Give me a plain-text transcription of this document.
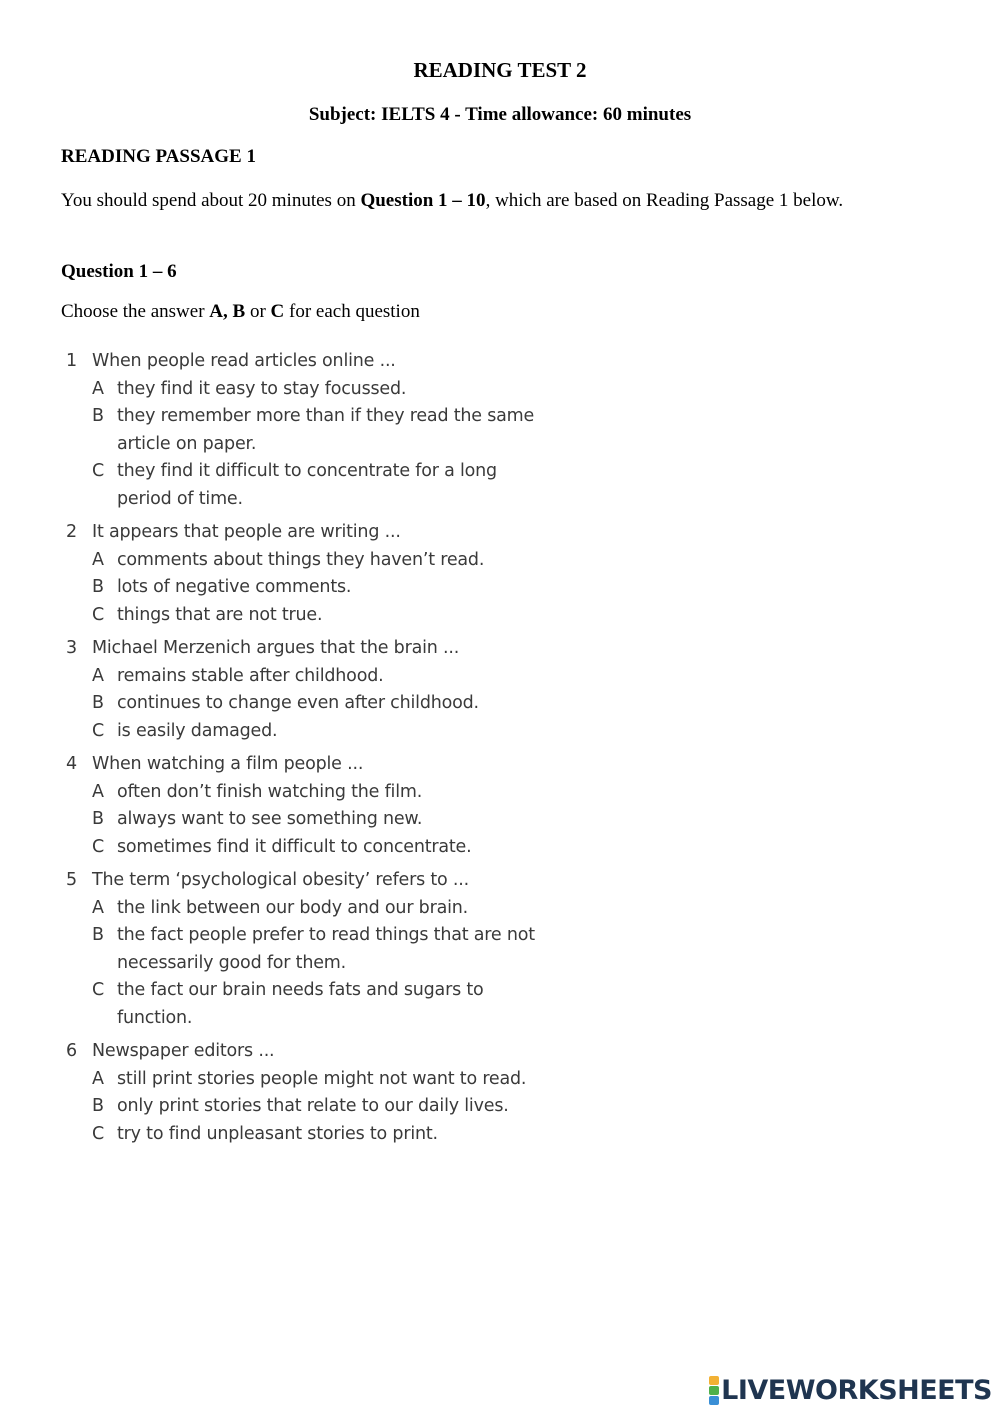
READING TEST 2
Subject: IELTS 4 - Time allowance: 60 minutes
READING PASSAGE 1
You should spend about 20 minutes on Question 1 – 10, which are based on Reading Passage 1 below.
Question 1 – 6
Choose the answer A, B or C for each question
1 When people read articles online ...
A they find it easy to stay focussed.
B they remember more than if they read the same article on paper.
C they find it difficult to concentrate for a long period of time.
2 It appears that people are writing ...
A comments about things they haven’t read.
B lots of negative comments.
C things that are not true.
3 Michael Merzenich argues that the brain ...
A remains stable after childhood.
B continues to change even after childhood.
C is easily damaged.
4 When watching a film people ...
A often don’t finish watching the film.
B always want to see something new.
C sometimes find it difficult to concentrate.
5 The term ‘psychological obesity’ refers to ...
A the link between our body and our brain.
B the fact people prefer to read things that are not necessarily good for them.
C the fact our brain needs fats and sugars to function.
6 Newspaper editors ...
A still print stories people might not want to read.
B only print stories that relate to our daily lives.
C try to find unpleasant stories to print.
LIVEWORKSHEETS
